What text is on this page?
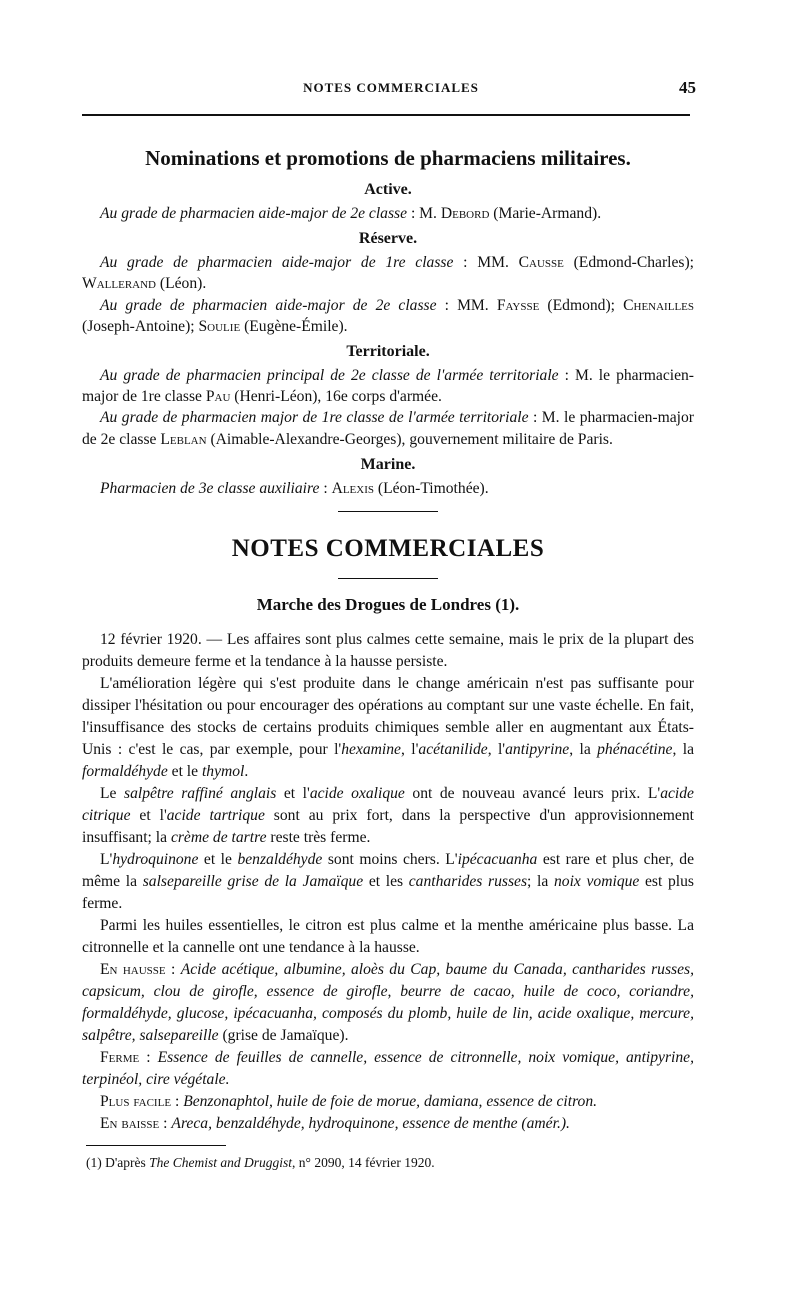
NOTES COMMERCIALES	45
Nominations et promotions de pharmaciens militaires.
Active.

Au grade de pharmacien aide-major de 2e classe : M. Debord (Marie-Armand).

Réserve.

Au grade de pharmacien aide-major de 1re classe : MM. Causse (Edmond-Charles); Wallerand (Léon).

Au grade de pharmacien aide-major de 2e classe : MM. Faysse (Edmond); Chenailles (Joseph-Antoine); Soulie (Eugène-Émile).

Territoriale.

Au grade de pharmacien principal de 2e classe de l'armée territoriale : M. le pharmacien-major de 1re classe Pau (Henri-Léon), 16e corps d'armée.

Au grade de pharmacien major de 1re classe de l'armée territoriale : M. le pharmacien-major de 2e classe Leblan (Aimable-Alexandre-Georges), gouvernement militaire de Paris.

Marine.

Pharmacien de 3e classe auxiliaire : Alexis (Léon-Timothée).

NOTES COMMERCIALES
Marche des Drogues de Londres (1).

12 février 1920. — Les affaires sont plus calmes cette semaine, mais le prix de la plupart des produits demeure ferme et la tendance à la hausse persiste.

L'amélioration légère qui s'est produite dans le change américain n'est pas suffisante pour dissiper l'hésitation ou pour encourager des opérations au comptant sur une vaste échelle. En fait, l'insuffisance des stocks de certains produits chimiques semble aller en augmentant aux États-Unis : c'est le cas, par exemple, pour l'hexamine, l'acétanilide, l'antipyrine, la phénacétine, la formaldéhyde et le thymol.

Le salpêtre raffiné anglais et l'acide oxalique ont de nouveau avancé leurs prix. L'acide citrique et l'acide tartrique sont au prix fort, dans la perspective d'un approvisionnement insuffisant; la crème de tartre reste très ferme.

L'hydroquinone et le benzaldéhyde sont moins chers. L'ipécacuanha est rare et plus cher, de même la salsepareille grise de la Jamaïque et les cantharides russes; la noix vomique est plus ferme.

Parmi les huiles essentielles, le citron est plus calme et la menthe américaine plus basse. La citronnelle et la cannelle ont une tendance à la hausse.

En hausse : Acide acétique, albumine, aloès du Cap, baume du Canada, cantharides russes, capsicum, clou de girofle, essence de girofle, beurre de cacao, huile de coco, coriandre, formaldéhyde, glucose, ipécacuanha, composés du plomb, huile de lin, acide oxalique, mercure, salpêtre, salsepareille (grise de Jamaïque).

Ferme : Essence de feuilles de cannelle, essence de citronnelle, noix vomique, antipyrine, terpinéol, cire végétale.

Plus facile : Benzonaphtol, huile de foie de morue, damiana, essence de citron.

En baisse : Areca, benzaldéhyde, hydroquinone, essence de menthe (amér.).

(1) D'après The Chemist and Druggist, n° 2090, 14 février 1920.
